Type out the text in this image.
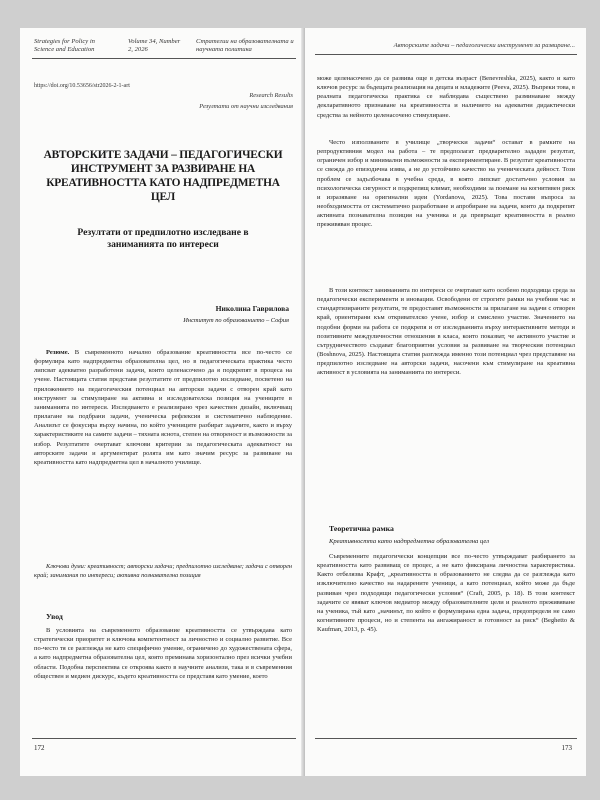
Strategies for Policy in Science and Education
Volume 34, Number 2, 2026
Стратегии на образователната и научната политика
https://doi.org/10.53656/str2026-2-1-art
Research Results
Резултати от научни изследвания
АВТОРСКИТЕ ЗАДАЧИ – ПЕДАГОГИЧЕСКИ ИНСТРУМЕНТ ЗА РАЗВИРАНЕ НА КРЕАТИВНОСТТА КАТО НАДПРЕДМЕТНА ЦЕЛ
Резултати от предпилотно изследване в заниманията по интереси
Николина Гаврилова
Институт по образованието – София
Резюме. В съвременното начално образование креативността все по-често се формулира като надпредметна образователна цел, но в педагогическата практика често липсват адекватно разработени задачи, които целенасочено да я подкрепят в процеса на учене. Настоящата статия представя резултатите от предпилотно изследване, посветено на приложението на педагогическия потенциал на авторски задачи с отворен край като инструмент за стимулиране на активна и изследователска позиция на учениците в заниманията по интереси. Изследването е реализирано чрез качествен дизайн, включващ прилагане на подбрани задачи, ученическа рефлексия и систематично наблюдение. Анализът се фокусира върху начина, по който учениците разбират задачите, както и върху характеристиките на самите задачи – тяхната яснота, степен на отвореност и възможности за избор. Резултатите очертават ключови критерии за педагогическата адекватност на авторските задачи и аргументират ролята им като значим ресурс за развиване на креативността като надпредметна цел в началното училище.
Ключови думи: креативност; авторски задачи; предпилотно изследване; задачи с отворен край; занимания по интереси; активна познавателна позиция
Увод
В условията на съвременното образование креативността се утвърждава като стратегически приоритет и ключова компетентност за личностно и социално развитие. Все по-често тя се разглежда не като специфично умение, ограничено до художествената сфера, а като надпредметна образователна цел, която преминава хоризонтално през всички учебни области. Подобна перспектива се откроява както в научните анализи, така и в съвременния обществен и медиен дискурс, където креативността се представя като умение, което
172
Авторските задачи – педагогически инструмент за развиране...
може целенасочено да се развива още в детска възраст (Benevreshka, 2025), както и като ключов ресурс за бъдещата реализация на децата и младежите (Peeva, 2025). Въпреки това, в реалната педагогическа практика се наблюдава съществено разминаване между декларативното признаване на креативността и наличието на адекватни дидактически средства за нейното целенасочено стимулиране.
Често използваните в училище „творчески задачи“ остават в рамките на репродуктивния модел на работа – те предполагат предварително зададен резултат, ограничен избор и минимални възможности за експериментиране. В резултат креативността се свежда до епизодична изява, а не до устойчиво качество на ученическата дейност. Този проблем се задълбочава в учебна среда, в която липсват достатъчно условия за психологическа сигурност и подкрепящ климат, необходими за поемане на когнитивен риск и изразяване на оригинални идеи (Yordanova, 2025). Това поставя въпроса за необходимостта от систематично разработване и апробиране на задачи, които да подкрепят активната познавателна позиция на ученика и да превръщат креативността в реално преживяван процес.
В този контекст заниманията по интереси се очертават като особено подходяща среда за педагогически експерименти и иновации. Освободени от строгите рамки на учебния час и стандартизираните резултати, те предоставят възможности за прилагане на задачи с отворен край, ориентирани към откривателско учене, избор и смислено участие. Значението на подобни форми на работа се подкрепя и от изследванията върху интерактивните методи и позитивните междуличностни отношения в класа, които показват, че активното участие и сътрудничеството създават благоприятни условия за развиване на творческия потенциал (Boshnova, 2025). Настоящата статия разглежда именно този потенциал чрез представяне на предпилотно изследване на авторски задачи, насочени към стимулиране на креативна активност в условията на заниманията по интереси.
Теоретична рамка
Креативността като надпредметна образователна цел
Съвременните педагогически концепции все по-често утвърждават разбирането за креативността като развиващ се процес, а не като фиксирана личностна характеристика. Както отбелязва Крафт, „креативността в образованието не следва да се разглежда като изключително качество на надарените ученици, а като потенциал, който може да бъде развиван чрез подходящи педагогически условия“ (Craft, 2005, p. 18). В този контекст задачите се явяват ключов медиатор между образователните цели и реалното преживяване на ученика, тъй като „начинът, по който е формулирана една задача, предопределя не само когнитивните процеси, но и степента на ангажираност и готовност за риск“ (Beghetto & Kaufman, 2013, p. 45).
173
